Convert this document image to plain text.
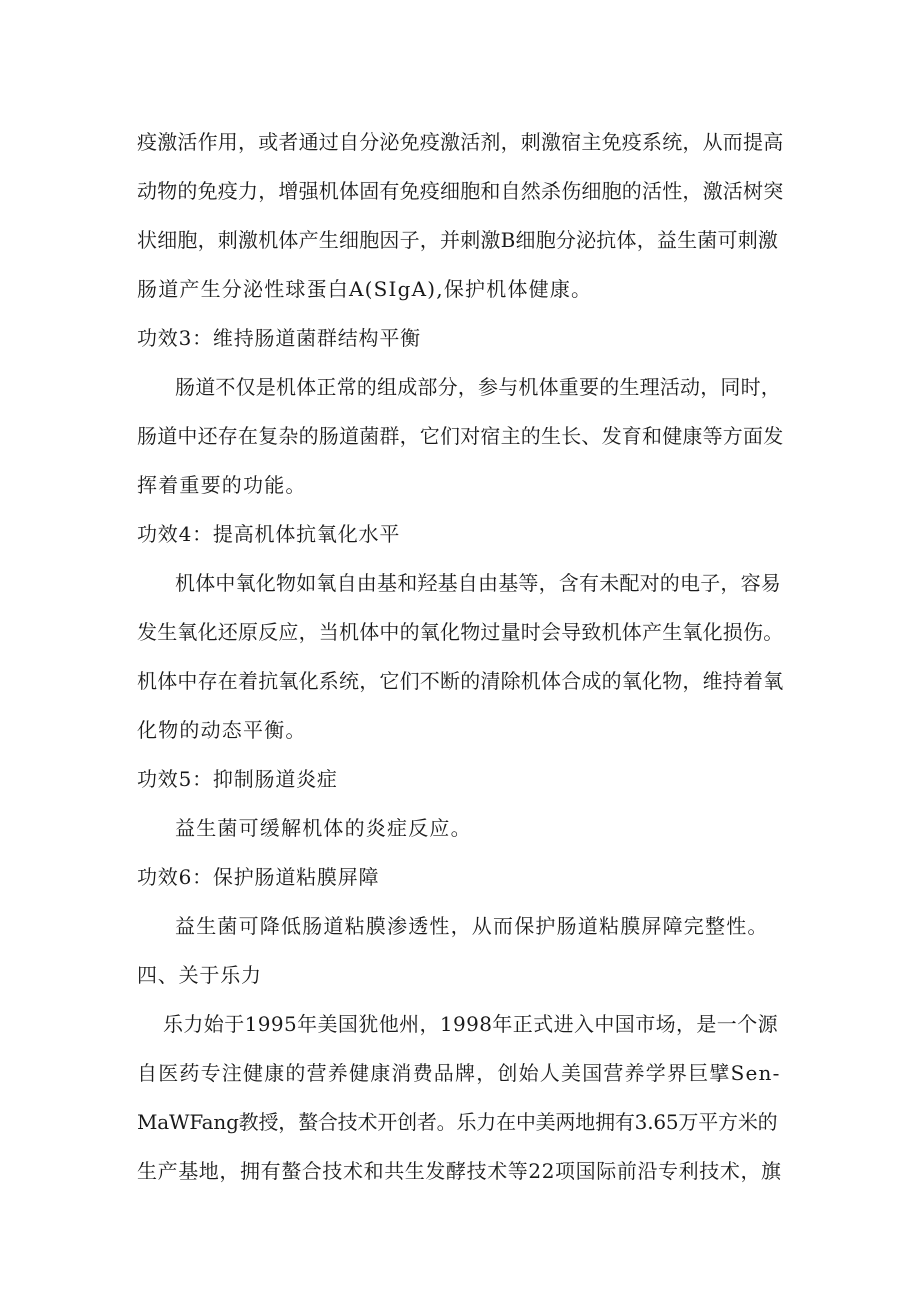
疫激活作用，或者通过自分泌免疫激活剂，刺激宿主免疫系统，从而提高
动物的免疫力，增强机体固有免疫细胞和自然杀伤细胞的活性，激活树突
状细胞，刺激机体产生细胞因子，并刺激B细胞分泌抗体，益生菌可刺激
肠道产生分泌性球蛋白A(SIgA),保护机体健康。
功效3：维持肠道菌群结构平衡
肠道不仅是机体正常的组成部分，参与机体重要的生理活动，同时，
肠道中还存在复杂的肠道菌群，它们对宿主的生长、发育和健康等方面发
挥着重要的功能。
功效4：提高机体抗氧化水平
机体中氧化物如氧自由基和羟基自由基等，含有未配对的电子，容易
发生氧化还原反应，当机体中的氧化物过量时会导致机体产生氧化损伤。
机体中存在着抗氧化系统，它们不断的清除机体合成的氧化物，维持着氧
化物的动态平衡。
功效5：抑制肠道炎症
益生菌可缓解机体的炎症反应。
功效6：保护肠道粘膜屏障
益生菌可降低肠道粘膜渗透性，从而保护肠道粘膜屏障完整性。
四、关于乐力
乐力始于1995年美国犹他州，1998年正式进入中国市场，是一个源
自医药专注健康的营养健康消费品牌，创始人美国营养学界巨擘Sen-
MaWFang教授，螯合技术开创者。乐力在中美两地拥有3.65万平方米的
生产基地，拥有螯合技术和共生发酵技术等22项国际前沿专利技术，旗
